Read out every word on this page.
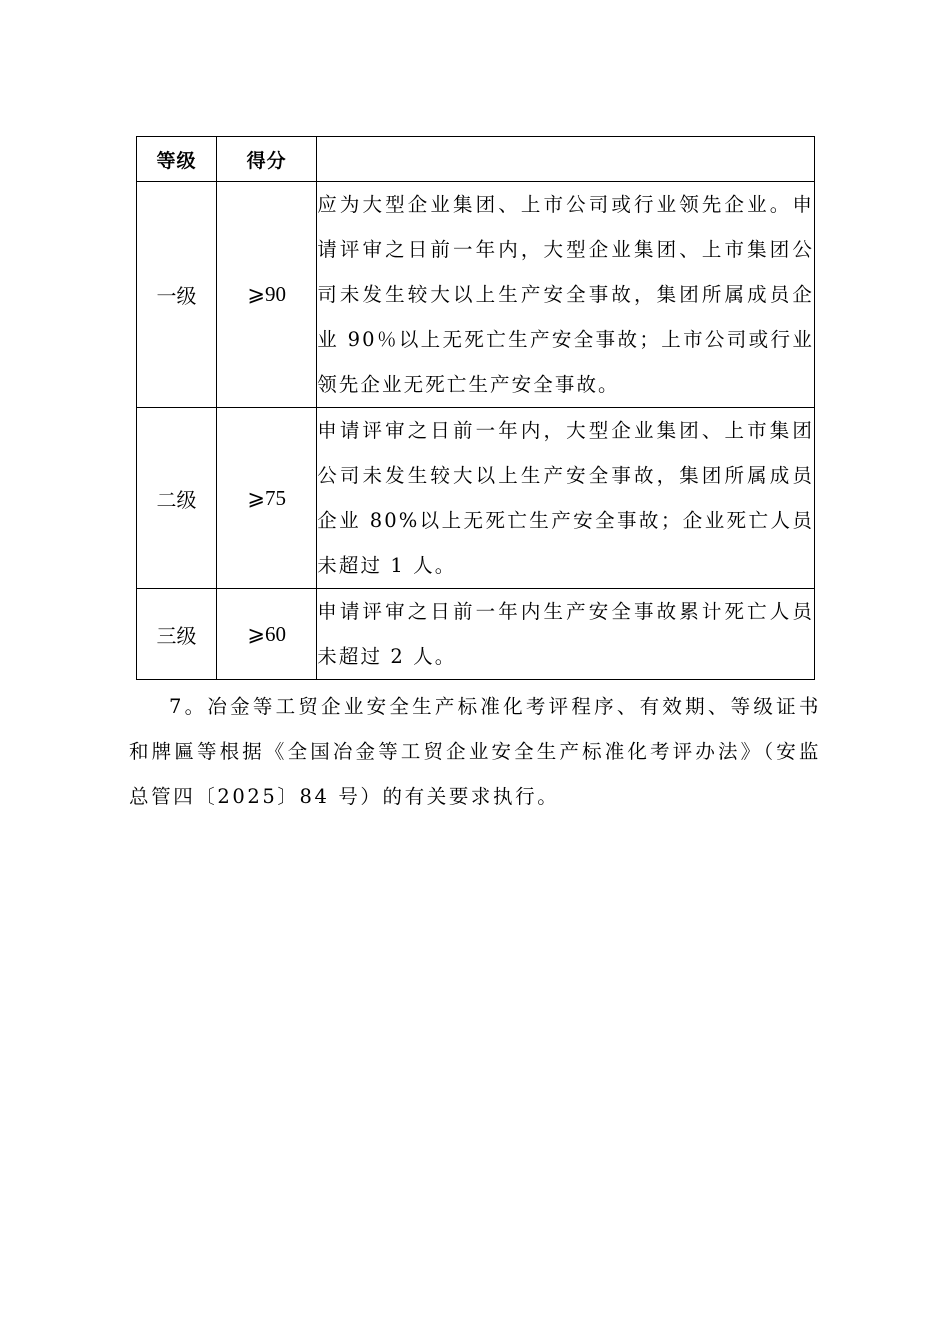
等级	得分	
一级	⩾90	应为大型企业集团、上市公司或行业领先企业。申请评审之日前一年内，大型企业集团、上市集团公司未发生较大以上生产安全事故，集团所属成员企业 90％以上无死亡生产安全事故；上市公司或行业领先企业无死亡生产安全事故。

二级	⩾75	申请评审之日前一年内，大型企业集团、上市集团公司未发生较大以上生产安全事故，集团所属成员企业 80%以上无死亡生产安全事故；企业死亡人员未超过 1 人。

三级	⩾60	申请评审之日前一年内生产安全事故累计死亡人员未超过 2 人。

7。冶金等工贸企业安全生产标准化考评程序、有效期、等级证书和牌匾等根据《全国冶金等工贸企业安全生产标准化考评办法》（安监总管四〔2025〕84 号）的有关要求执行。
